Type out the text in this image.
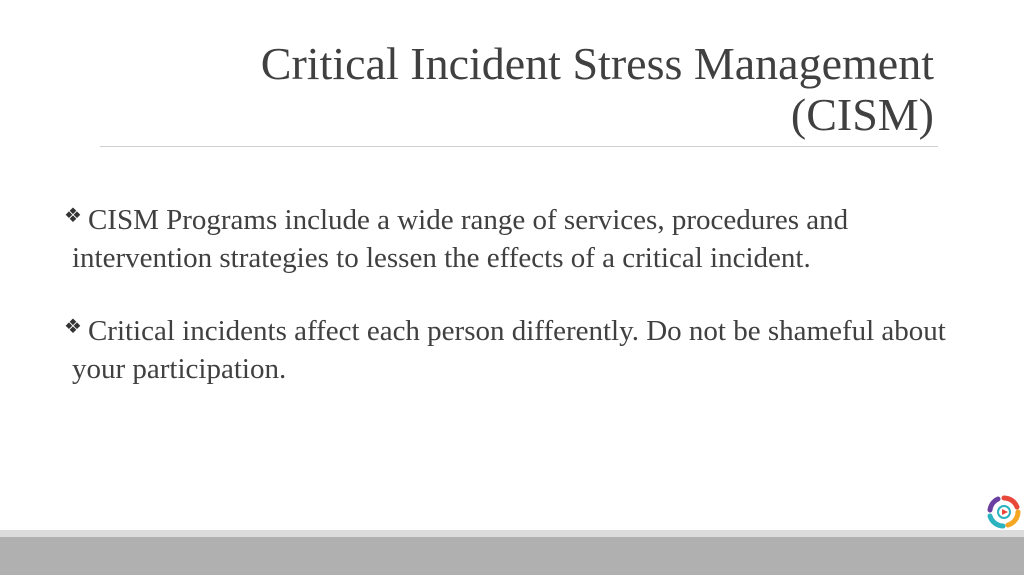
Critical Incident Stress Management
(CISM)

❖ CISM Programs include a wide range of services, procedures and intervention strategies to lessen the effects of a critical incident.

❖ Critical incidents affect each person differently. Do not be shameful about your participation.
